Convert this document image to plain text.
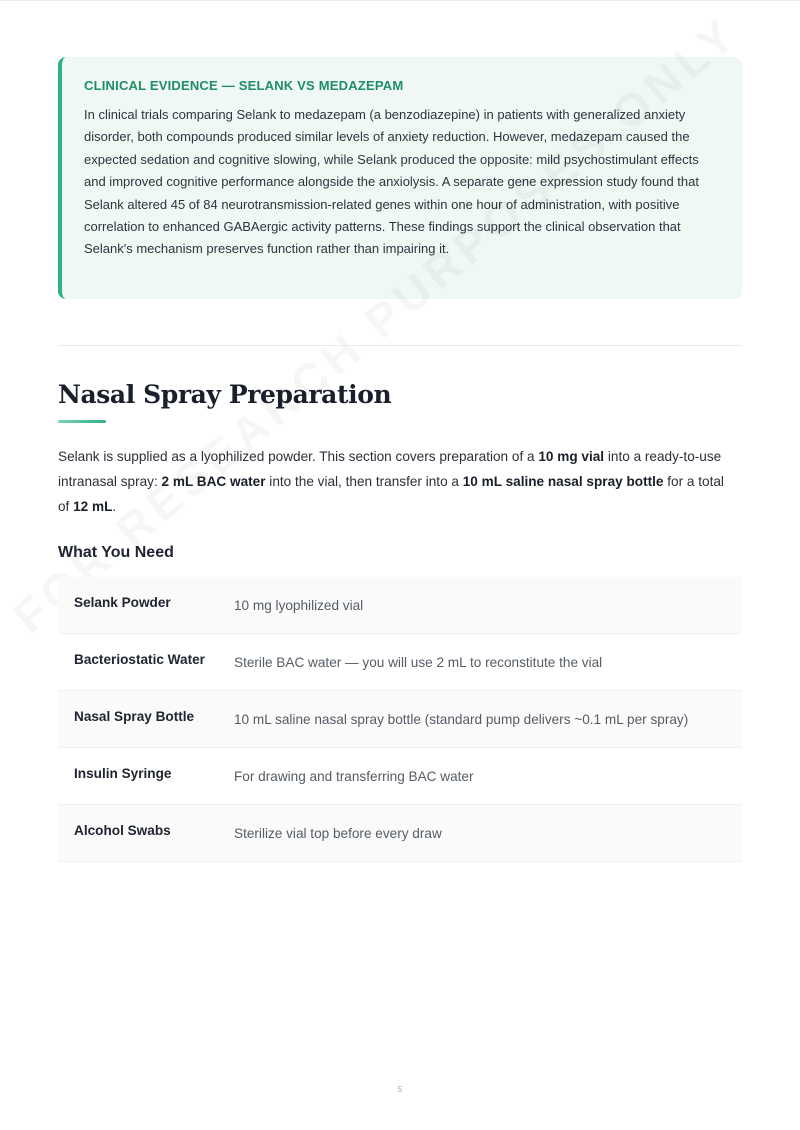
CLINICAL EVIDENCE — SELANK VS MEDAZEPAM

In clinical trials comparing Selank to medazepam (a benzodiazepine) in patients with generalized anxiety disorder, both compounds produced similar levels of anxiety reduction. However, medazepam caused the expected sedation and cognitive slowing, while Selank produced the opposite: mild psychostimulant effects and improved cognitive performance alongside the anxiolysis. A separate gene expression study found that Selank altered 45 of 84 neurotransmission-related genes within one hour of administration, with positive correlation to enhanced GABAergic activity patterns. These findings support the clinical observation that Selank's mechanism preserves function rather than impairing it.

Nasal Spray Preparation

Selank is supplied as a lyophilized powder. This section covers preparation of a 10 mg vial into a ready-to-use intranasal spray: 2 mL BAC water into the vial, then transfer into a 10 mL saline nasal spray bottle for a total of 12 mL.

What You Need
Selank Powder	10 mg lyophilized vial
Bacteriostatic Water	Sterile BAC water — you will use 2 mL to reconstitute the vial
Nasal Spray Bottle	10 mL saline nasal spray bottle (standard pump delivers ~0.1 mL per spray)
Insulin Syringe	For drawing and transferring BAC water
Alcohol Swabs	Sterilize vial top before every draw
5
